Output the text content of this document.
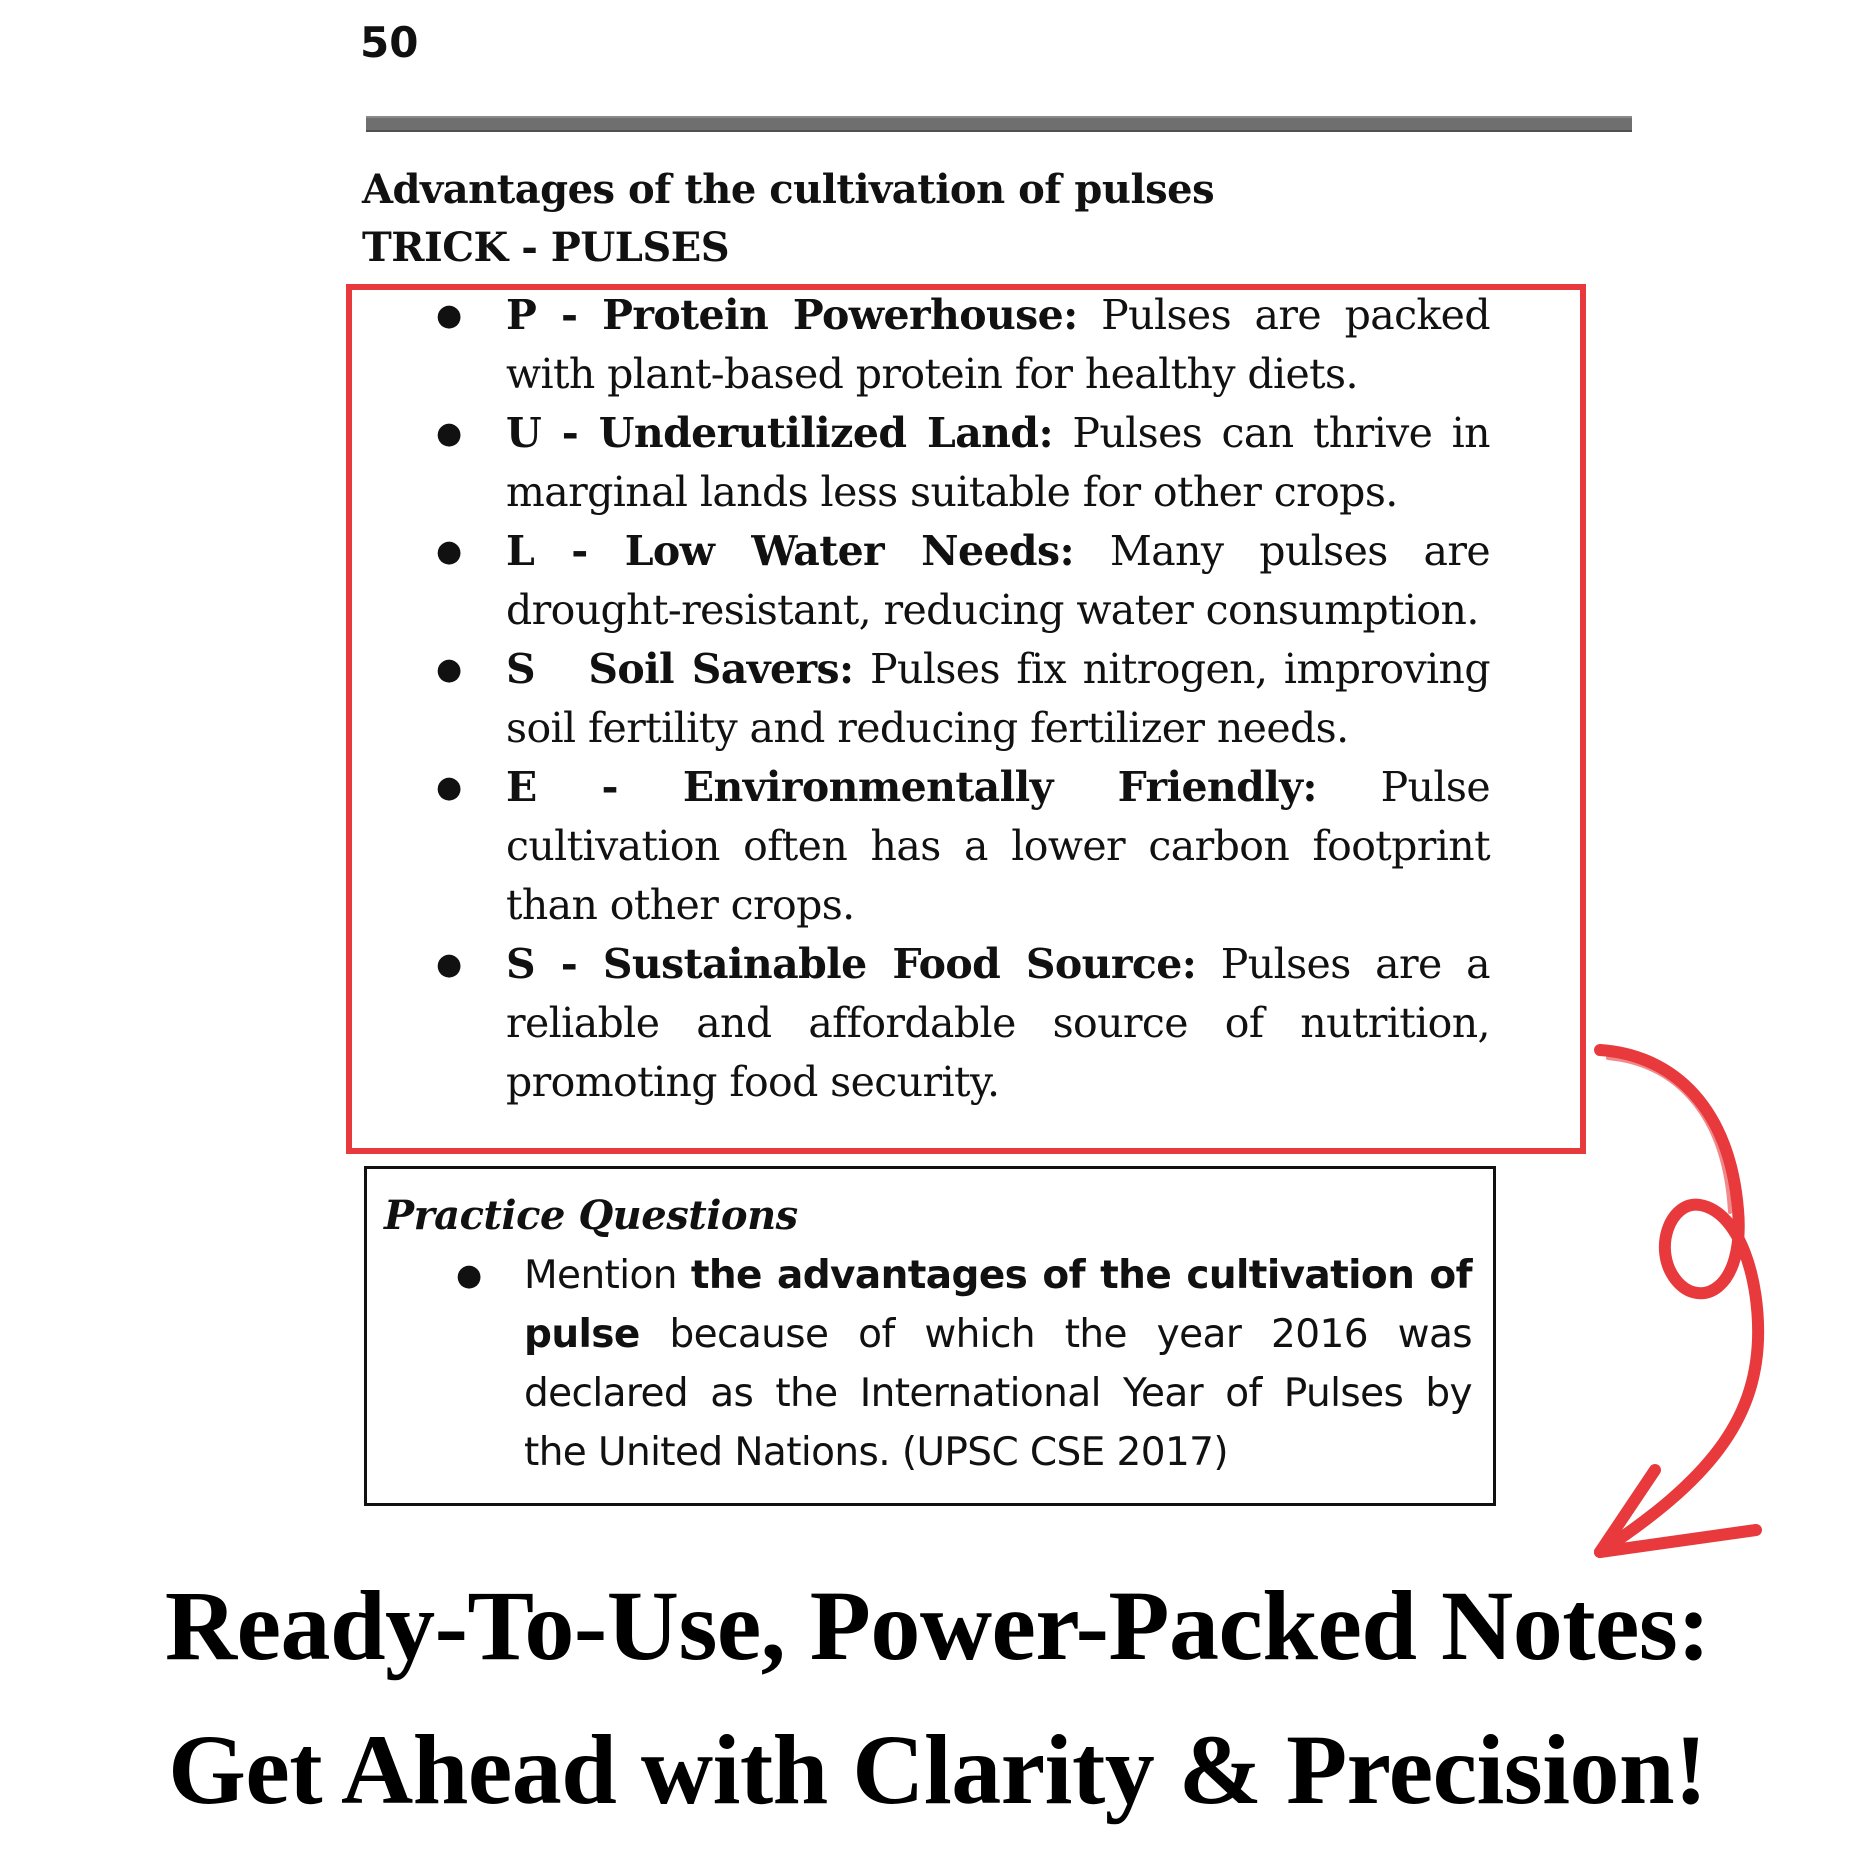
50
Advantages of the cultivation of pulses
TRICK - PULSES
● P - Protein Powerhouse: Pulses are packed with plant-based protein for healthy diets.
● U - Underutilized Land: Pulses can thrive in marginal lands less suitable for other crops.
● L - Low Water Needs: Many pulses are drought-resistant, reducing water consumption.
● S   Soil Savers: Pulses fix nitrogen, improving soil fertility and reducing fertilizer needs.
● E - Environmentally Friendly: Pulse cultivation often has a lower carbon footprint than other crops.
● S - Sustainable Food Source: Pulses are a reliable and affordable source of nutrition, promoting food security.
Practice Questions
● Mention the advantages of the cultivation of pulse because of which the year 2016 was declared as the International Year of Pulses by the United Nations. (UPSC CSE 2017)
Ready-To-Use, Power-Packed Notes:
Get Ahead with Clarity & Precision!
